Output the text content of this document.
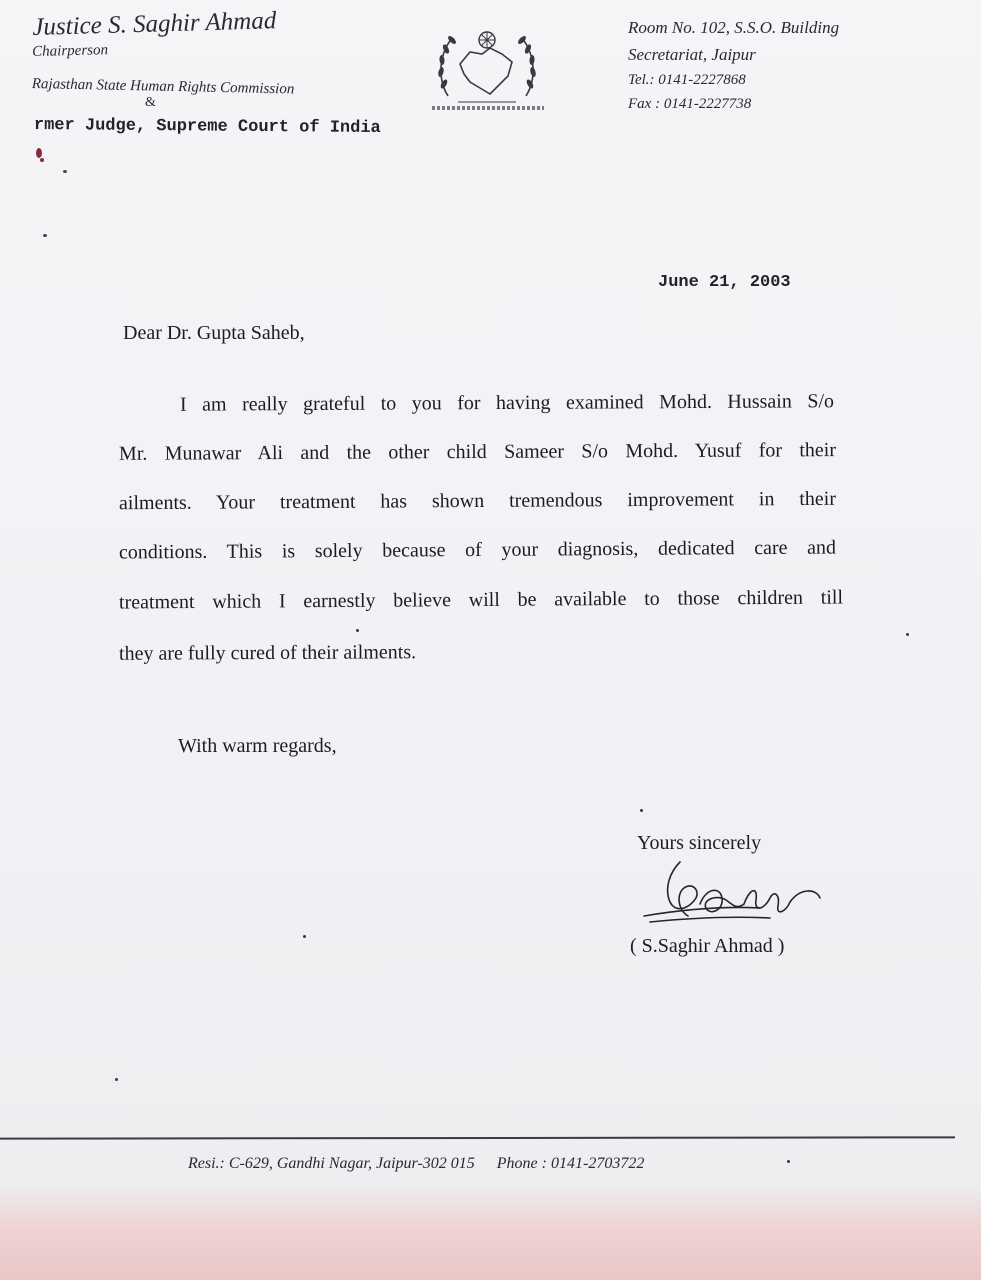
Justice S. Saghir Ahmad
Chairperson
Rajasthan State Human Rights Commission
&
rmer Judge, Supreme Court of India
Room No. 102, S.S.O. Building
Secretariat, Jaipur
Tel.: 0141-2227868
Fax : 0141-2227738
June 21, 2003
Dear Dr. Gupta Saheb,
I am really grateful to you for having examined Mohd. Hussain S/o
Mr. Munawar Ali and the other child Sameer S/o Mohd. Yusuf for their
ailments. Your treatment has shown tremendous improvement in their
conditions. This is solely because of your diagnosis, dedicated care and
treatment which I earnestly believe will be available to those children till
they are fully cured of their ailments.
With warm regards,
Yours sincerely
( S.Saghir Ahmad )
Resi.: C-629, Gandhi Nagar, Jaipur-302 015 Phone : 0141-2703722
